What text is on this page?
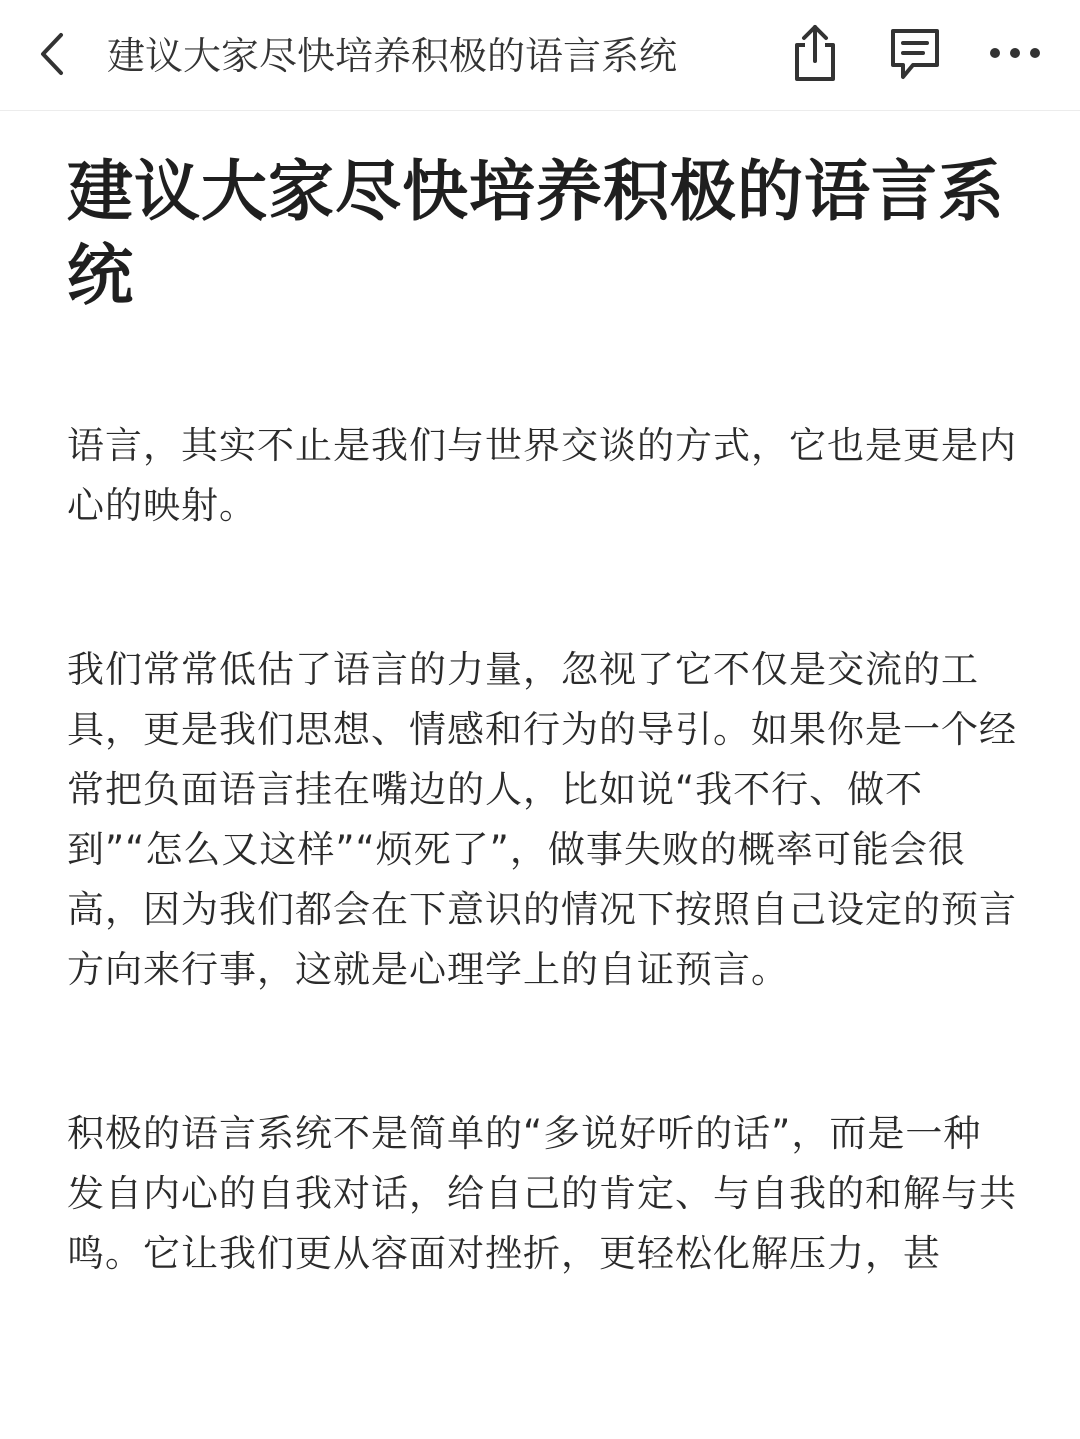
建议大家尽快培养积极的语言系统
建议大家尽快培养积极的语言系统

语言，其实不止是我们与世界交谈的方式，它也是更是内心的映射。

我们常常低估了语言的力量，忽视了它不仅是交流的工具，更是我们思想、情感和行为的导引。如果你是一个经常把负面语言挂在嘴边的人，比如说“我不行、做不到”“怎么又这样”“烦死了”，做事失败的概率可能会很高，因为我们都会在下意识的情况下按照自己设定的预言方向来行事，这就是心理学上的自证预言。

积极的语言系统不是简单的“多说好听的话”，而是一种发自内心的自我对话，给自己的肯定、与自我的和解与共鸣。它让我们更从容面对挫折，更轻松化解压力，甚
